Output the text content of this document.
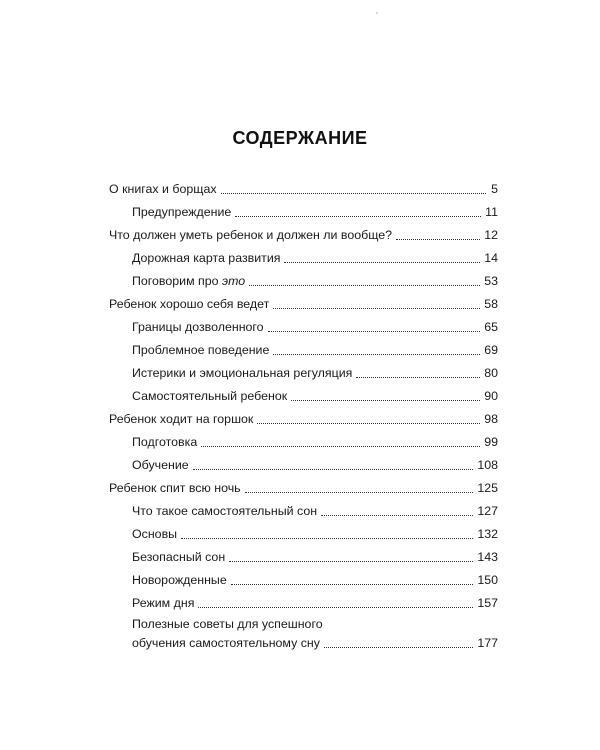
СОДЕРЖАНИЕ
О книгах и борщах	5
Предупреждение	11
Что должен уметь ребенок и должен ли вообще?	12
Дорожная карта развития	14
Поговорим про это	53
Ребенок хорошо себя ведет	58
Границы дозволенного	65
Проблемное поведение	69
Истерики и эмоциональная регуляция	80
Самостоятельный ребенок	90
Ребенок ходит на горшок	98
Подготовка	99
Обучение	108
Ребенок спит всю ночь	125
Что такое самостоятельный сон	127
Основы	132
Безопасный сон	143
Новорожденные	150
Режим дня	157
Полезные советы для успешного
обучения самостоятельному сну	177
